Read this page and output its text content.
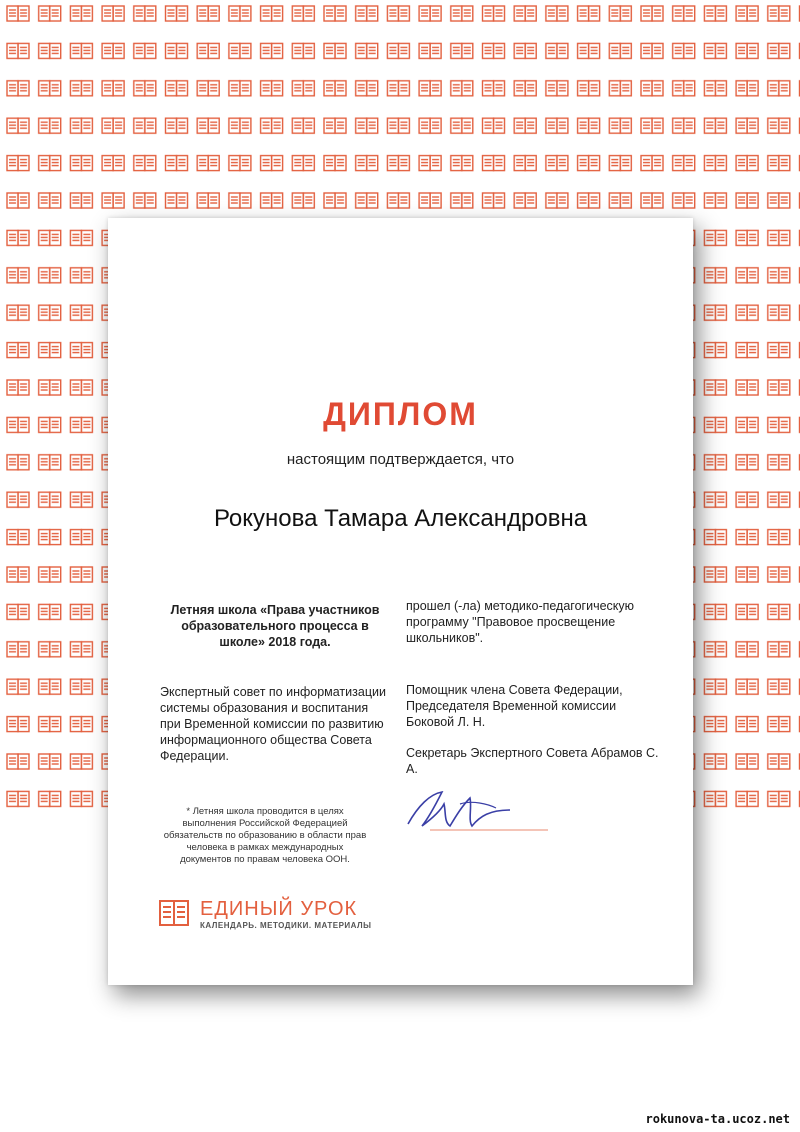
ДИПЛОМ
настоящим подтверждается, что
Рокунова Тамара Александровна
Летняя школа «Права участников образовательного процесса в школе» 2018 года.
прошел (-ла) методико-педагогическую программу "Правовое просвещение школьников".
Экспертный совет по информатизации системы образования и воспитания при Временной комиссии по развитию информационного общества Совета Федерации.
Помощник члена Совета Федерации, Председателя Временной комиссии Боковой Л. Н.
Секретарь Экспертного Совета Абрамов С. А.
* Летняя школа проводится в целях выполнения Российской Федерацией обязательств по образованию в области прав человека в рамках международных документов по правам человека ООН.
ЕДИНЫЙ УРОК
КАЛЕНДАРЬ. МЕТОДИКИ. МАТЕРИАЛЫ
rokunova-ta.ucoz.net
